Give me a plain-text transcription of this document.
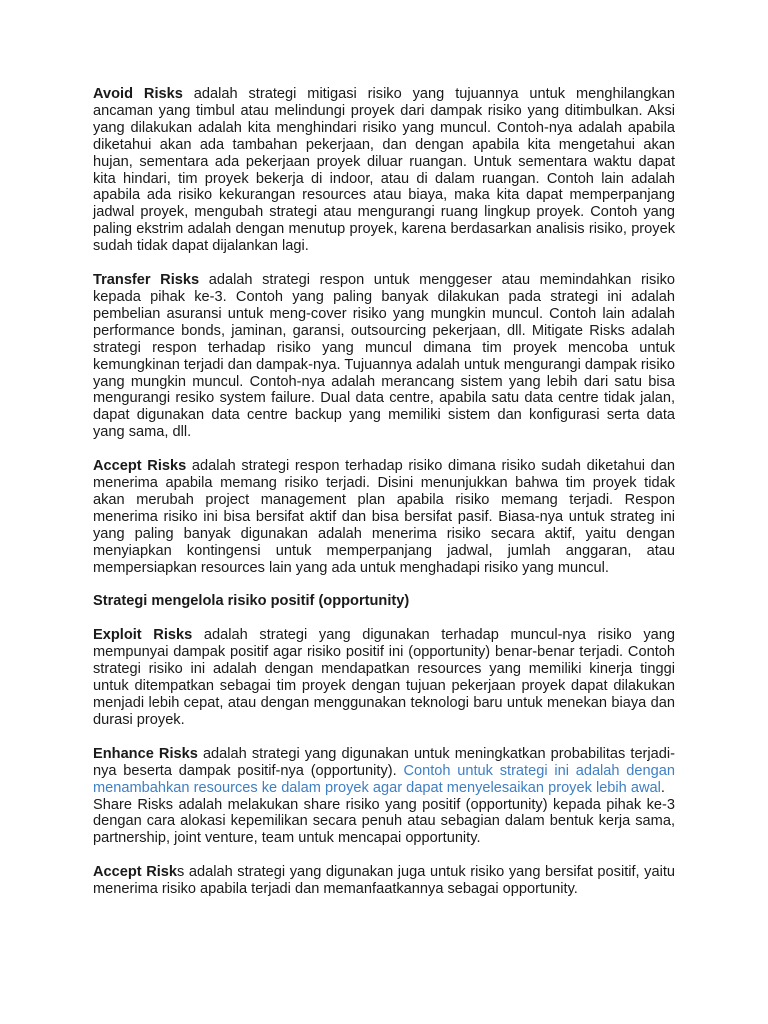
Avoid Risks adalah strategi mitigasi risiko yang tujuannya untuk menghilangkan ancaman yang timbul atau melindungi proyek dari dampak risiko yang ditimbulkan. Aksi yang dilakukan adalah kita menghindari risiko yang muncul. Contoh-nya adalah apabila diketahui akan ada tambahan pekerjaan, dan dengan apabila kita mengetahui akan hujan, sementara ada pekerjaan proyek diluar ruangan. Untuk sementara waktu dapat kita hindari, tim proyek bekerja di indoor, atau di dalam ruangan. Contoh lain adalah apabila ada risiko kekurangan resources atau biaya, maka kita dapat memperpanjang jadwal proyek, mengubah strategi atau mengurangi ruang lingkup proyek. Contoh yang paling ekstrim adalah dengan menutup proyek, karena berdasarkan analisis risiko, proyek sudah tidak dapat dijalankan lagi.

Transfer Risks adalah strategi respon untuk menggeser atau memindahkan risiko kepada pihak ke-3. Contoh yang paling banyak dilakukan pada strategi ini adalah pembelian asuransi untuk meng-cover risiko yang mungkin muncul. Contoh lain adalah performance bonds, jaminan, garansi, outsourcing pekerjaan, dll. Mitigate Risks adalah strategi respon terhadap risiko yang muncul dimana tim proyek mencoba untuk kemungkinan terjadi dan dampak-nya. Tujuannya adalah untuk mengurangi dampak risiko yang mungkin muncul. Contoh-nya adalah merancang sistem yang lebih dari satu bisa mengurangi resiko system failure. Dual data centre, apabila satu data centre tidak jalan, dapat digunakan data centre backup yang memiliki sistem dan konfigurasi serta data yang sama, dll.

Accept Risks adalah strategi respon terhadap risiko dimana risiko sudah diketahui dan menerima apabila memang risiko terjadi. Disini menunjukkan bahwa tim proyek tidak akan merubah project management plan apabila risiko memang terjadi. Respon menerima risiko ini bisa bersifat aktif dan bisa bersifat pasif. Biasa-nya untuk strateg ini yang paling banyak digunakan adalah menerima risiko secara aktif, yaitu dengan menyiapkan kontingensi untuk memperpanjang jadwal, jumlah anggaran, atau mempersiapkan resources lain yang ada untuk menghadapi risiko yang muncul.

Strategi mengelola risiko positif (opportunity)

Exploit Risks adalah strategi yang digunakan terhadap muncul-nya risiko yang mempunyai dampak positif agar risiko positif ini (opportunity) benar-benar terjadi. Contoh strategi risiko ini adalah dengan mendapatkan resources yang memiliki kinerja tinggi untuk ditempatkan sebagai tim proyek dengan tujuan pekerjaan proyek dapat dilakukan menjadi lebih cepat, atau dengan menggunakan teknologi baru untuk menekan biaya dan durasi proyek.

Enhance Risks adalah strategi yang digunakan untuk meningkatkan probabilitas terjadi-nya beserta dampak positif-nya (opportunity). Contoh untuk strategi ini adalah dengan menambahkan resources ke dalam proyek agar dapat menyelesaikan proyek lebih awal.
Share Risks adalah melakukan share risiko yang positif (opportunity) kepada pihak ke-3 dengan cara alokasi kepemilikan secara penuh atau sebagian dalam bentuk kerja sama, partnership, joint venture, team untuk mencapai opportunity.

Accept Risks adalah strategi yang digunakan juga untuk risiko yang bersifat positif, yaitu menerima risiko apabila terjadi dan memanfaatkannya sebagai opportunity.
